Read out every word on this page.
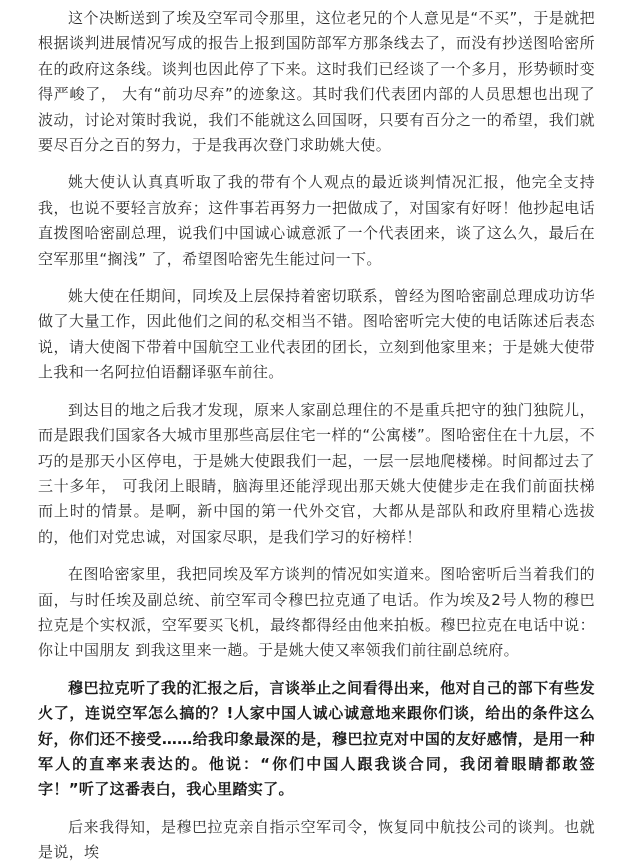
这个决断送到了埃及空军司令那里，这位老兄的个人意见是“不买”，于是就把根据谈判进展情况写成的报告上报到国防部军方那条线去了，而没有抄送图哈密所在的政府这条线。谈判也因此停了下来。这时我们已经谈了一个多月，形势顿时变得严峻了， 大有“前功尽弃”的迹象这。其时我们代表团内部的人员思想也出现了波动，讨论对策时我说，我们不能就这么回国呀，只要有百分之一的希望，我们就要尽百分之百的努力，于是我再次登门求助姚大使。

姚大使认认真真听取了我的带有个人观点的最近谈判情况汇报，他完全支持我，也说不要轻言放弃；这件事若再努力一把做成了，对国家有好呀！他抄起电话直拨图哈密副总理，说我们中国诚心诚意派了一个代表团来，谈了这么久，最后在空军那里“搁浅” 了，希望图哈密先生能过问一下。

姚大使在任期间，同埃及上层保持着密切联系，曾经为图哈密副总理成功访华做了大量工作，因此他们之间的私交相当不错。图哈密听完大使的电话陈述后表态说，请大使阁下带着中国航空工业代表团的团长，立刻到他家里来；于是姚大使带上我和一名阿拉伯语翻译驱车前往。

到达目的地之后我才发现，原来人家副总理住的不是重兵把守的独门独院儿，而是跟我们国家各大城市里那些高层住宅一样的“公寓楼”。图哈密住在十九层，不巧的是那天小区停电，于是姚大使跟我们一起，一层一层地爬楼梯。时间都过去了三十多年， 可我闭上眼睛，脑海里还能浮现出那天姚大使健步走在我们前面扶梯而上时的情景。是啊，新中国的第一代外交官，大都从是部队和政府里精心选拔的，他们对党忠诚，对国家尽职，是我们学习的好榜样！

在图哈密家里，我把同埃及军方谈判的情况如实道来。图哈密听后当着我们的面，与时任埃及副总统、前空军司令穆巴拉克通了电话。作为埃及2号人物的穆巴拉克是个实权派，空军要买飞机，最终都得经由他来拍板。穆巴拉克在电话中说：你让中国朋友 到我这里来一趟。于是姚大使又率领我们前往副总统府。

穆巴拉克听了我的汇报之后，言谈举止之间看得出来，他对自己的部下有些发火了，连说空军怎么搞的？!人家中国人诚心诚意地来跟你们谈，给出的条件这么好，你们还不接受……给我印象最深的是，穆巴拉克对中国的友好感情，是用一种军人的直率来表达的。他说：“你们中国人跟我谈合同，我闭着眼睛都敢签字！”听了这番表白，我心里踏实了。

后来我得知，是穆巴拉克亲自指示空军司令，恢复同中航技公司的谈判。也就是说，埃
